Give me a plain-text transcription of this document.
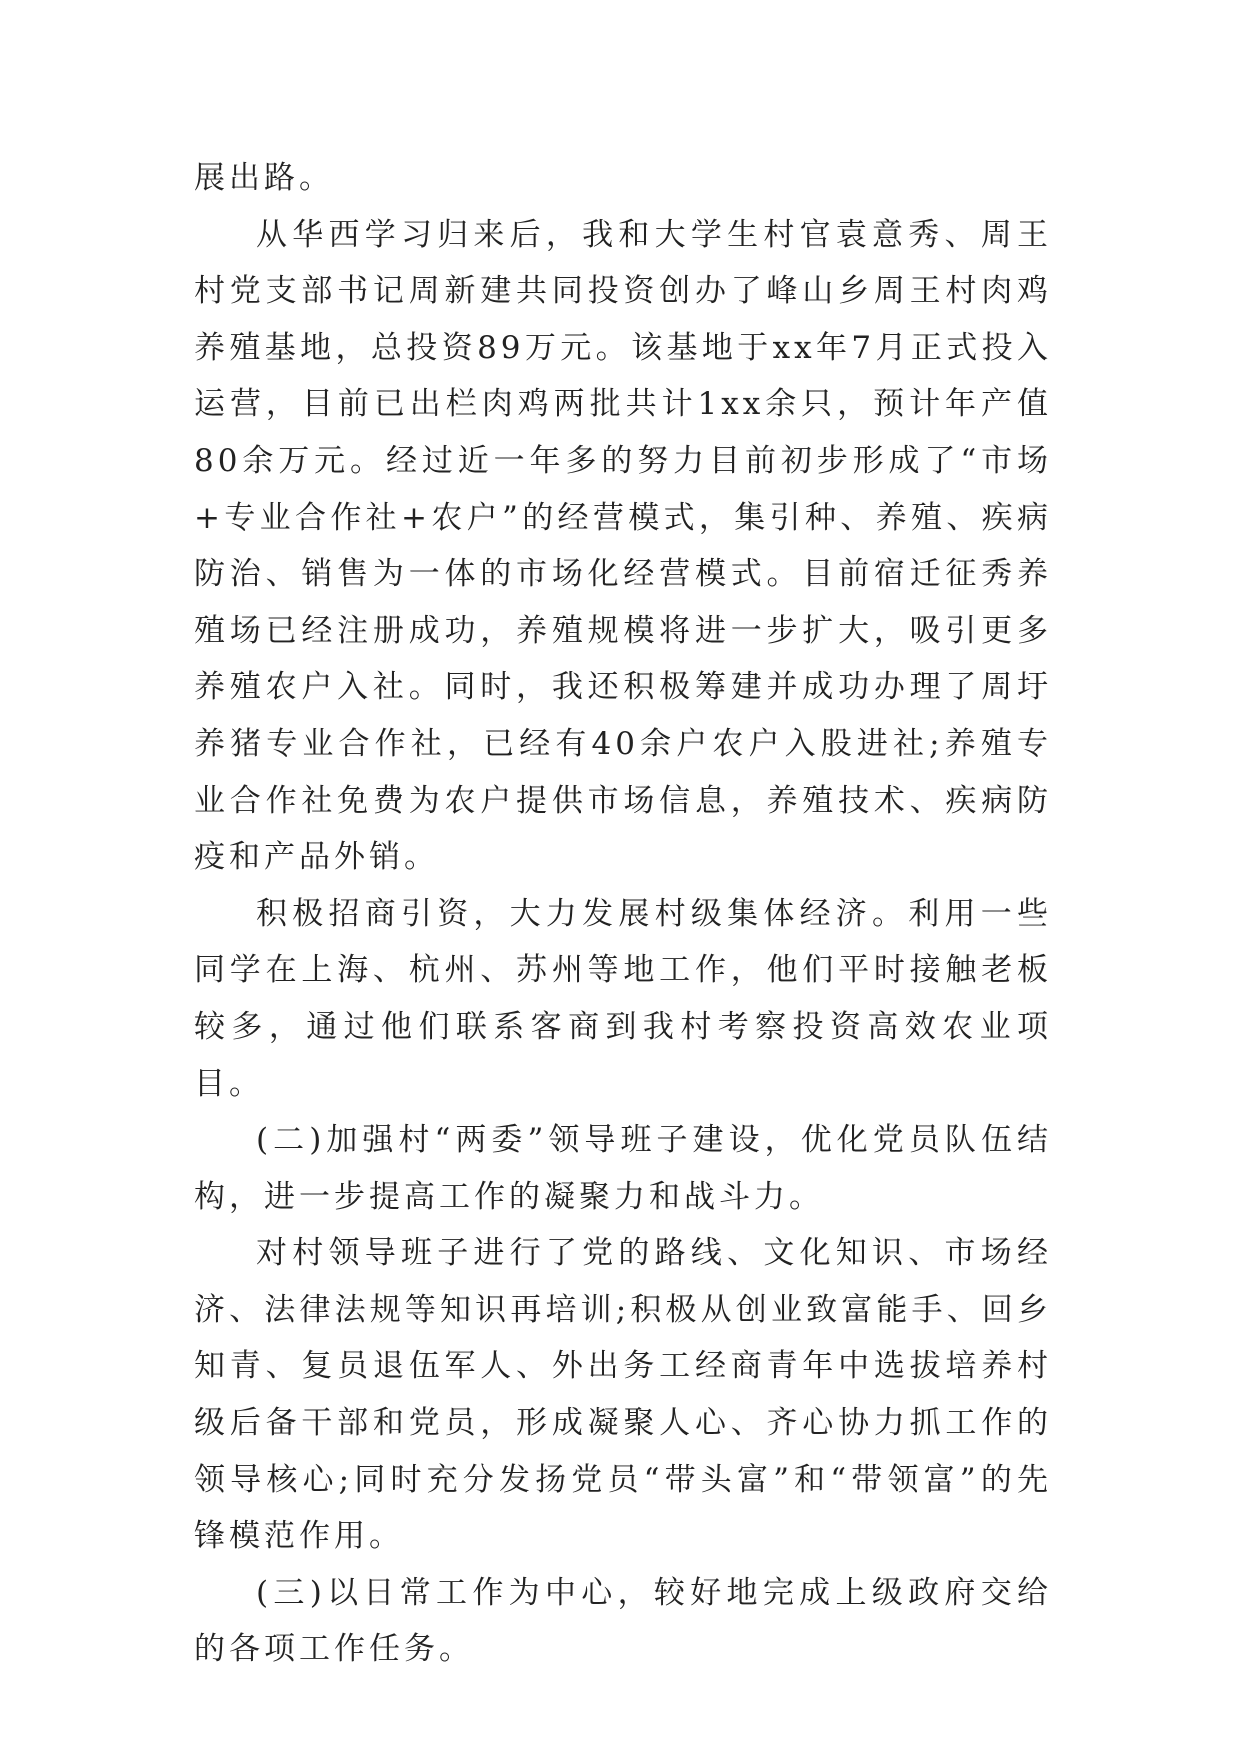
展出路。

从华西学习归来后，我和大学生村官袁意秀、周王村党支部书记周新建共同投资创办了峰山乡周王村肉鸡养殖基地，总投资89万元。该基地于xx年7月正式投入运营，目前已出栏肉鸡两批共计1xx余只，预计年产值80余万元。经过近一年多的努力目前初步形成了“市场+专业合作社+农户”的经营模式，集引种、养殖、疾病防治、销售为一体的市场化经营模式。目前宿迁征秀养殖场已经注册成功，养殖规模将进一步扩大，吸引更多养殖农户入社。同时，我还积极筹建并成功办理了周圩养猪专业合作社，已经有40余户农户入股进社;养殖专业合作社免费为农户提供市场信息，养殖技术、疾病防疫和产品外销。

积极招商引资，大力发展村级集体经济。利用一些同学在上海、杭州、苏州等地工作，他们平时接触老板较多，通过他们联系客商到我村考察投资高效农业项目。

(二)加强村“两委”领导班子建设，优化党员队伍结构，进一步提高工作的凝聚力和战斗力。

对村领导班子进行了党的路线、文化知识、市场经济、法律法规等知识再培训;积极从创业致富能手、回乡知青、复员退伍军人、外出务工经商青年中选拔培养村级后备干部和党员，形成凝聚人心、齐心协力抓工作的领导核心;同时充分发扬党员“带头富”和“带领富”的先锋模范作用。

(三)以日常工作为中心，较好地完成上级政府交给的各项工作任务。
